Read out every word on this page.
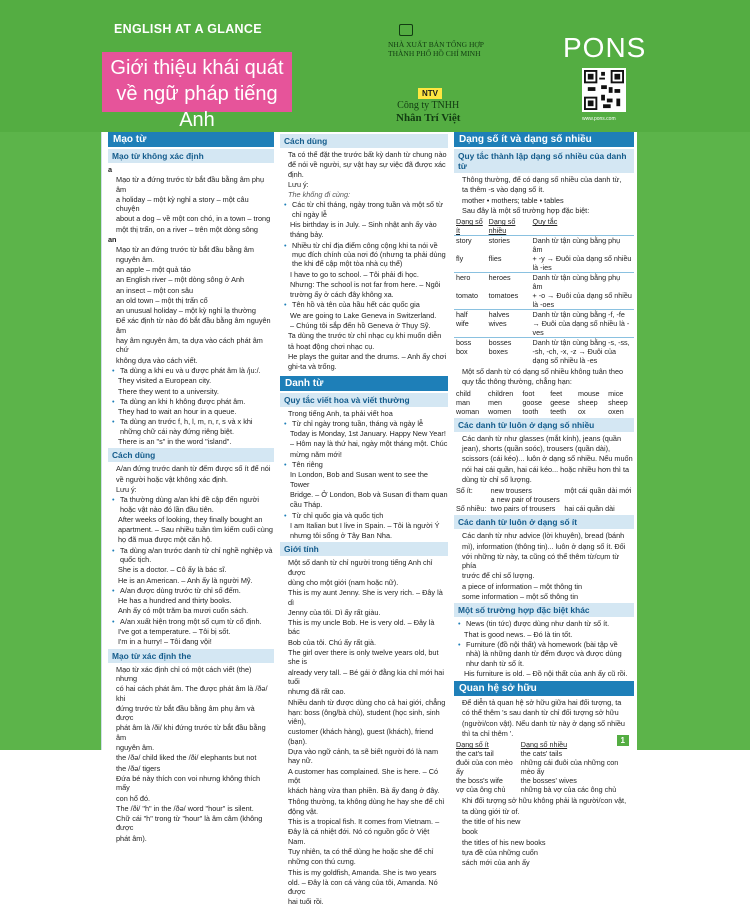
ENGLISH AT A GLANCE
Giới thiệu khái quát về ngữ pháp tiếng Anh
NHÀ XUẤT BẢN TỔNG HỢP
THÀNH PHỐ HỒ CHÍ MINH
NTV
Công ty TNHH
Nhân Trí Việt
PONS
www.pons.com
Mạo từ
Mạo từ không xác định

a

Mạo từ a đứng trước từ bắt đầu bằng âm phụ âm

a holiday – một kỳ nghỉ a story – một câu chuyện

about a dog – về một con chó, in a town – trong

một thị trấn, on a river – trên một dòng sông

an

Mạo từ an đứng trước từ bắt đầu bằng âm nguyên âm.

an apple – một quả táo

an English river – một dòng sông ở Anh

an insect – một con sâu

an old town – một thị trấn cổ

an unusual holiday – một kỳ nghỉ lạ thường

Để xác định từ nào đó bắt đầu bằng âm nguyên âm

hay âm nguyên âm, ta dựa vào cách phát âm chứ

không dựa vào cách viết.

• Ta dùng a khi eu và u được phát âm là /ju:/.

They visited a European city.

There they went to a university.

• Ta dùng an khi h không được phát âm.

They had to wait an hour in a queue.

• Ta dùng an trước f, h, l, m, n, r, s và x khi những chữ cái này đứng riêng biệt.

There is an "s" in the word "island".

Cách dùng

A/an đứng trước danh từ đếm được số ít để nói

về người hoặc vật không xác định.

Lưu ý:

• Ta thường dùng a/an khi đề cập đến người hoặc vật nào đó lần đầu tiên.

After weeks of looking, they finally bought an

apartment. – Sau nhiều tuần tìm kiếm cuối cùng

họ đã mua được một căn hộ.

• Ta dùng a/an trước danh từ chỉ nghề nghiệp và quốc tịch.

She is a doctor. – Cô ấy là bác sĩ.

He is an American. – Anh ấy là người Mỹ.

• A/an được dùng trước từ chỉ số đếm.

He has a hundred and thirty books.

Anh ấy có một trăm ba mươi cuốn sách.

• A/an xuất hiện trong một số cụm từ cố định.

I've got a temperature. – Tôi bị sốt.

I'm in a hurry! – Tôi đang vội!

Mạo từ xác định the

Mạo từ xác định chỉ có một cách viết (the) nhưng

có hai cách phát âm. The được phát âm là /ðə/ khi

đứng trước từ bắt đầu bằng âm phụ âm và được

phát âm là /ði/ khi đứng trước từ bắt đầu bằng âm

nguyên âm.

the /ðə/ child liked the /ði/ elephants but not

the /ðə/ tigers

Đứa bé này thích con voi nhưng không thích mấy

con hổ đó.

The /ði/ "h" in the /ðə/ word "hour" is silent.

Chữ cái "h" trong từ "hour" là âm câm (không được

phát âm).

Cách dùng

Ta có thể đặt the trước bất kỳ danh từ chung nào

để nói về người, sự vật hay sự việc đã được xác định.

Lưu ý:

The khống đi cùng:

• Các từ chỉ tháng, ngày trong tuần và một số từ chỉ ngày lễ

His birthday is in July. – Sinh nhật anh ấy vào

tháng bảy.

• Nhiều từ chỉ địa điểm công cộng khi ta nói về mục đích chính của nơi đó (nhưng ta phải dùng the khi để cập một tòa nhà cụ thể)

I have to go to school. – Tôi phải đi học.

Nhưng: The school is not far from here. – Ngôi

trường ấy ở cách đây không xa.

• Tên hồ và tên của hầu hết các quốc gia

We are going to Lake Geneva in Switzerland.

– Chúng tôi sắp đến hồ Geneva ở Thụy Sỹ.

Ta dùng the trước từ chỉ nhạc cụ khi muốn diễn

tả hoạt động chơi nhạc cụ.

He plays the guitar and the drums. – Anh ấy chơi

ghi-ta và trống.

Danh từ
Quy tắc viết hoa và viết thường

Trong tiếng Anh, ta phải viết hoa

• Từ chỉ ngày trong tuần, tháng và ngày lễ

Today is Monday, 1st January. Happy New Year!

– Hôm nay là thứ hai, ngày một tháng một. Chúc

mừng năm mới!

• Tên riêng

In London, Bob and Susan went to see the Tower

Bridge. – Ở London, Bob và Susan đi tham quan

cầu Tháp.

• Từ chỉ quốc gia và quốc tịch

I am Italian but I live in Spain. – Tôi là người Ý

nhưng tôi sống ở Tây Ban Nha.

Giới tính

Một số danh từ chỉ người trong tiếng Anh chỉ được

dùng cho một giới (nam hoặc nữ).

This is my aunt Jenny. She is very rich. – Đây là dì

Jenny của tôi. Dì ấy rất giàu.

This is my uncle Bob. He is very old. – Đây là bác

Bob của tôi. Chú ấy rất già.

The girl over there is only twelve years old, but she is

already very tall. – Bé gái ở đằng kia chỉ mới hai tuổi

nhưng đã rất cao.

Nhiều danh từ được dùng cho cả hai giới, chẳng

hạn: boss (ông/bà chủ), student (học sinh, sinh viên),

customer (khách hàng), guest (khách), friend (bạn).

Dựa vào ngữ cảnh, ta sẽ biết người đó là nam hay nữ.

A customer has complained. She is here. – Có một

khách hàng vừa than phiền. Bà ấy đang ở đây.

Thông thường, ta không dùng he hay she để chỉ

động vật.

This is a tropical fish. It comes from Vietnam. –

Đây là cá nhiệt đới. Nó có nguồn gốc ở Việt Nam.

Tuy nhiên, ta có thể dùng he hoặc she để chỉ

những con thú cưng.

This is my goldfish, Amanda. She is two years

old. – Đây là con cá vàng của tôi, Amanda. Nó được

hai tuổi rồi.

Dạng số ít và dạng số nhiều
Quy tắc thành lập dạng số nhiều của danh từ

Thông thường, để có dạng số nhiều của danh từ,

ta thêm -s vào dạng số ít.

mother • mothers; table • tables

Sau đây là một số trường hợp đặc biệt:

Dạng số ít	Dạng số nhiều	Quy tắc
story	stories	Danh từ tận cùng bằng phụ âm
fly	flies	+ -y → Đuôi của dạng số nhiều là -ies
hero	heroes	Danh từ tận cùng bằng phụ âm
tomato	tomatoes	+ -o → Đuôi của dạng số nhiều là -oes
half	halves	Danh từ tận cùng bằng -f, -fe
wife	wives	→ Đuôi của dạng số nhiều là -ves
boss	bosses	Danh từ tận cùng bằng -s, -ss,
box	boxes	-sh, -ch, -x, -z → Đuôi của dạng số nhiều là -es

Một số danh từ có dạng số nhiều không tuân theo

quy tắc thông thường, chẳng hạn:

child	children	foot	feet	mouse	mice
man	men	goose	geese	sheep	sheep
woman	women	tooth	teeth	ox	oxen
Các danh từ luôn ở dạng số nhiều

Các danh từ như glasses (mắt kính), jeans (quần

jean), shorts (quần soóc), trousers (quần dài),

scissors (cái kéo)... luôn ở dạng số nhiều. Nếu muốn

nói hai cái quần, hai cái kéo... hoặc nhiều hơn thì ta

dùng từ chỉ số lượng.

Số ít:	new trousers	một cái quần dài mới
	a new pair of trousers	
Số nhiều:	two pairs of trousers	hai cái quần dài
Các danh từ luôn ở dạng số ít

Các danh từ như advice (lời khuyên), bread (bánh

mì), information (thông tin)... luôn ở dạng số ít. Đối

với những từ này, ta cũng có thể thêm từ/cụm từ phía

trước để chỉ số lượng.

a piece of information – một thông tin

some information – một số thông tin

Một số trường hợp đặc biệt khác

• News (tin tức) được dùng như danh từ số ít.

That is good news. – Đó là tin tốt.

• Furniture (đồ nội thất) và homework (bài tập về nhà) là những danh từ đếm được và được dùng như danh từ số ít.

His furniture is old. – Đồ nội thất của anh ấy cũ rồi.

Quan hệ sở hữu

Để diễn tả quan hệ sở hữu giữa hai đối tượng, ta

có thể thêm 's sau danh từ chỉ đối tượng sở hữu

(người/con vật). Nếu danh từ này ở dạng số nhiều

thì ta chỉ thêm '.

Dạng số ít	Dạng số nhiều
the cat's tail	the cats' tails
đuôi của con mèo ấy	những cái đuôi của những con mèo ấy
the boss's wife	the bosses' wives
vợ của ông chủ	những bà vợ của các ông chủ

Khi đối tượng sở hữu không phải là người/con vật,

ta dùng giới từ of.

the title of his new

book

the titles of his new books

tựa đề của những cuốn

sách mới của anh ấy

1
